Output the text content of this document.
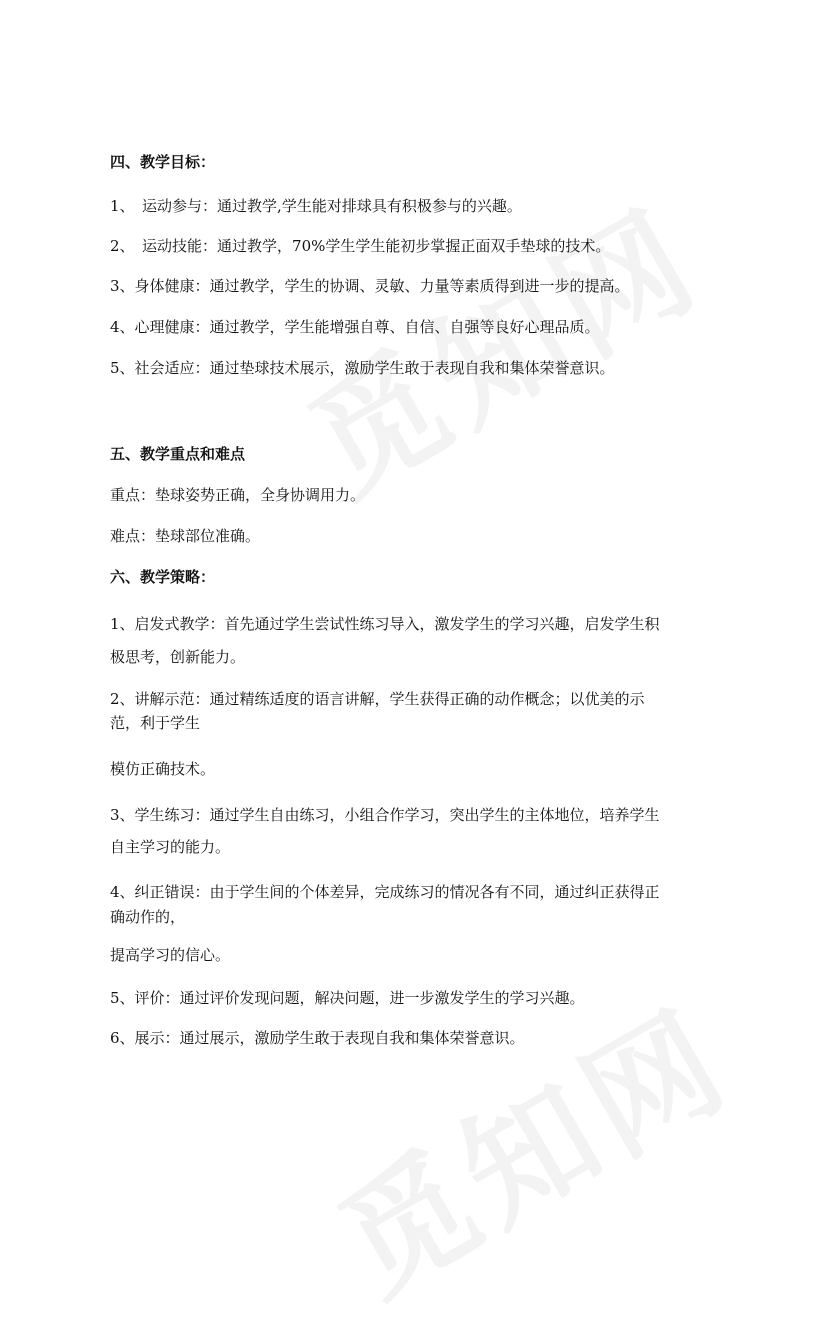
四、教学目标：
1、　运动参与：通过教学,学生能对排球具有积极参与的兴趣。
2、　运动技能：通过教学，70%学生学生能初步掌握正面双手垫球的技术。
3、身体健康：通过教学，学生的协调、灵敏、力量等素质得到进一步的提高。
4、心理健康：通过教学，学生能增强自尊、自信、自强等良好心理品质。
5、社会适应：通过垫球技术展示，激励学生敢于表现自我和集体荣誉意识。
五、教学重点和难点
重点：垫球姿势正确，全身协调用力。
难点：垫球部位准确。
六、教学策略：
1、启发式教学：首先通过学生尝试性练习导入，激发学生的学习兴趣，启发学生积
极思考，创新能力。
2、讲解示范：通过精练适度的语言讲解，学生获得正确的动作概念；以优美的示
范，利于学生
模仿正确技术。
3、学生练习：通过学生自由练习，小组合作学习，突出学生的主体地位，培养学生
自主学习的能力。
4、纠正错误：由于学生间的个体差异，完成练习的情况各有不同，通过纠正获得正
确动作的，
提高学习的信心。
5、评价：通过评价发现问题，解决问题，进一步激发学生的学习兴趣。
6、展示：通过展示，激励学生敢于表现自我和集体荣誉意识。
